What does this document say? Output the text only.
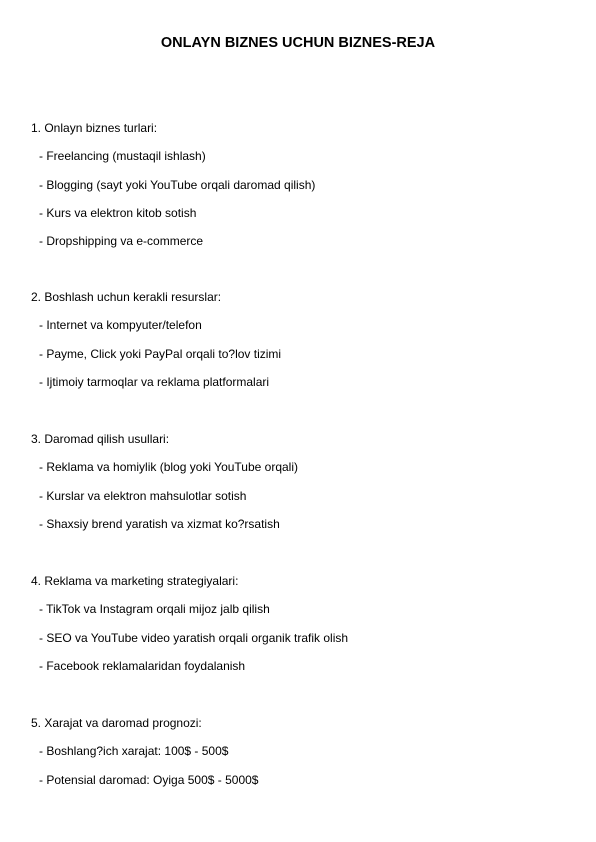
ONLAYN BIZNES UCHUN BIZNES-REJA

1. Onlayn biznes turlari:

- Freelancing (mustaqil ishlash)
- Blogging (sayt yoki YouTube orqali daromad qilish)
- Kurs va elektron kitob sotish
- Dropshipping va e-commerce

2. Boshlash uchun kerakli resurslar:

- Internet va kompyuter/telefon
- Payme, Click yoki PayPal orqali to?lov tizimi
- Ijtimoiy tarmoqlar va reklama platformalari

3. Daromad qilish usullari:

- Reklama va homiylik (blog yoki YouTube orqali)
- Kurslar va elektron mahsulotlar sotish
- Shaxsiy brend yaratish va xizmat ko?rsatish

4. Reklama va marketing strategiyalari:

- TikTok va Instagram orqali mijoz jalb qilish
- SEO va YouTube video yaratish orqali organik trafik olish
- Facebook reklamalaridan foydalanish

5. Xarajat va daromad prognozi:

- Boshlang?ich xarajat: 100$ - 500$
- Potensial daromad: Oyiga 500$ - 5000$
